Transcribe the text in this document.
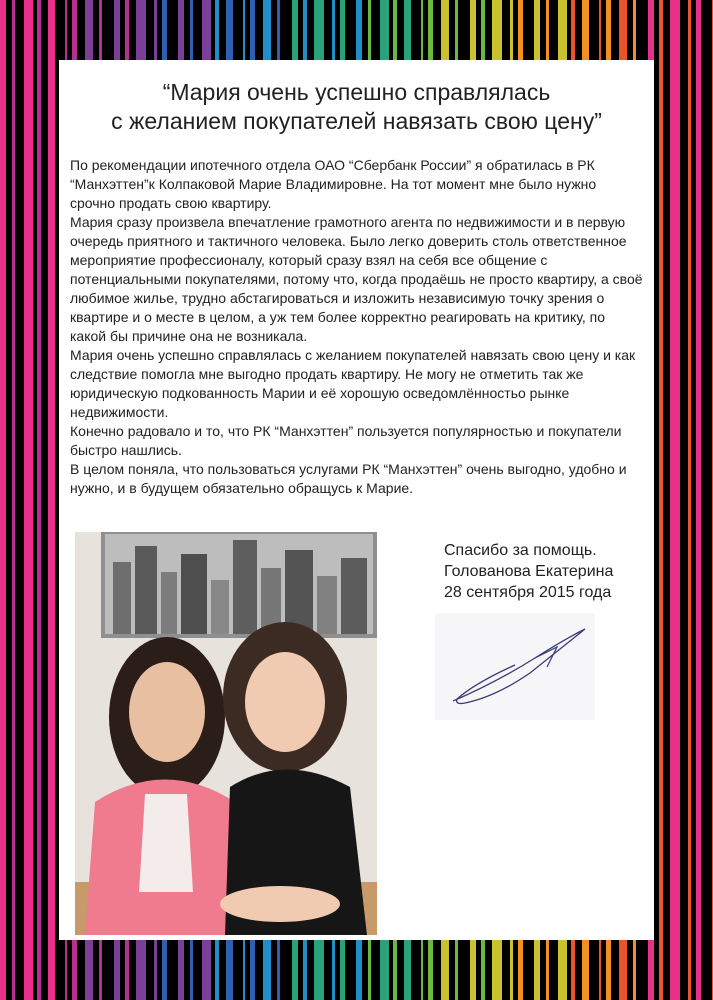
“Мария очень успешно справлялась
с желанием покупателей навязать свою цену”

По рекомендации ипотечного отдела ОАО “Сбербанк России” я обратилась в РК “Манхэттен”к Колпаковой Марие Владимировне. На тот момент мне было нужно срочно продать свою квартиру.

Мария сразу произвела впечатление грамотного агента по недвижимости и в первую очередь приятного и тактичного человека. Было легко доверить столь ответственное мероприятие профессионалу, который сразу взял на себя все общение с потенциальными покупателями, потому что, когда продаёшь не просто квартиру, а своё любимое жилье, трудно абстагироваться и изложить независимую точку зрения о квартире и о месте в целом, а уж тем более корректно реагировать на критику, по какой бы причине она не возникала.

Мария очень успешно справлялась с желанием покупателей навязать свою цену и как следствие помогла мне выгодно продать квартиру. Не могу не отметить так же юридическую подкованность Марии и её хорошую осведомлённостьо рынке недвижимости.

Конечно радовало и то, что РК “Манхэттен” пользуется популярностью и покупатели быстро нашлись.

В целом поняла, что пользоваться услугами РК “Манхэттен” очень выгодно, удобно и нужно, и в будущем обязательно обращусь к Марие.

Спасибо за помощь.
Голованова Екатерина
28 сентября 2015 года
